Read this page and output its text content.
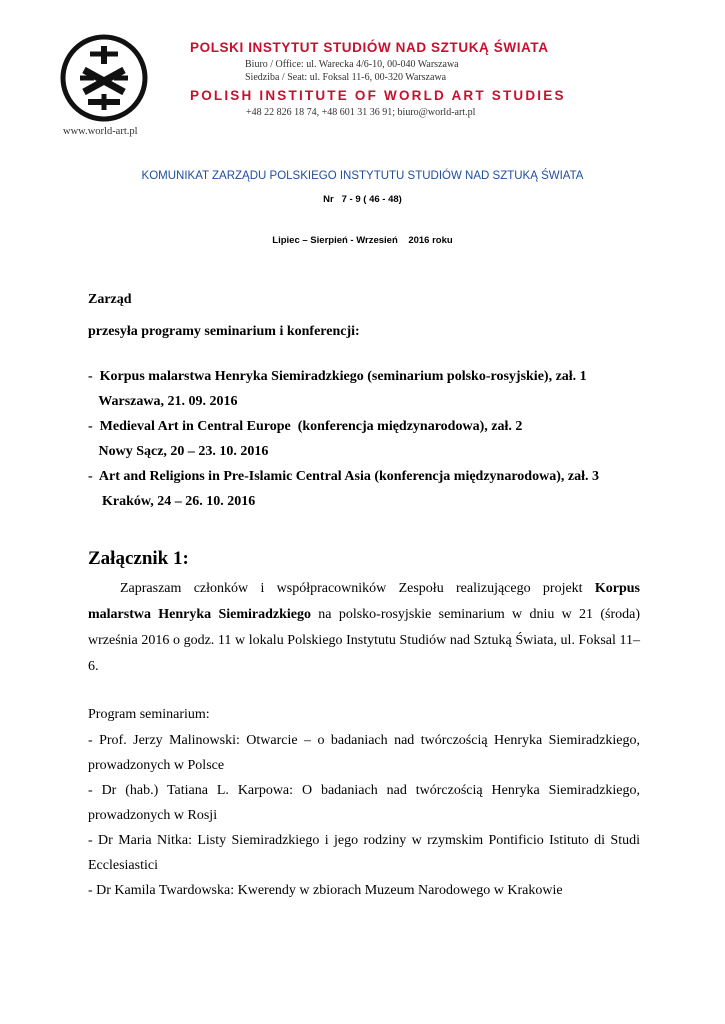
www.world-art.pl
POLSKI INSTYTUT STUDIÓW NAD SZTUKĄ ŚWIATA
Biuro / Office: ul. Warecka 4/6-10, 00-040 Warszawa
Siedziba / Seat: ul. Foksal 11-6, 00-320 Warszawa
POLISH INSTITUTE OF WORLD ART STUDIES
+48 22 826 18 74, +48 601 31 36 91; biuro@world-art.pl
KOMUNIKAT ZARZĄDU POLSKIEGO INSTYTUTU STUDIÓW NAD SZTUKĄ ŚWIATA
Nr   7 - 9 ( 46 - 48)
Lipiec – Sierpień - Wrzesień    2016 roku

Zarząd

przesyła programy seminarium i konferencji:

-  Korpus malarstwa Henryka Siemiradzkiego (seminarium polsko-rosyjskie), zał. 1
Warszawa, 21. 09. 2016
-  Medieval Art in Central Europe  (konferencja międzynarodowa), zał. 2
Nowy Sącz, 20 – 23. 10. 2016
-  Art and Religions in Pre-Islamic Central Asia (konferencja międzynarodowa), zał. 3
Kraków, 24 – 26. 10. 2016
Załącznik 1:

Zapraszam członków i współpracowników Zespołu realizującego projekt Korpus malarstwa Henryka Siemiradzkiego na polsko-rosyjskie seminarium w dniu w 21 (środa) września 2016 o godz. 11 w lokalu Polskiego Instytutu Studiów nad Sztuką Świata, ul. Foksal 11–6.

Program seminarium:

- Prof. Jerzy Malinowski: Otwarcie – o badaniach nad twórczością Henryka Siemiradzkiego, prowadzonych w Polsce

- Dr (hab.) Tatiana L. Karpowa: O badaniach nad twórczością Henryka Siemiradzkiego, prowadzonych w Rosji

- Dr Maria Nitka: Listy Siemiradzkiego i jego rodziny w rzymskim Pontificio Istituto di Studi Ecclesiastici

- Dr Kamila Twardowska: Kwerendy w zbiorach Muzeum Narodowego w Krakowie
